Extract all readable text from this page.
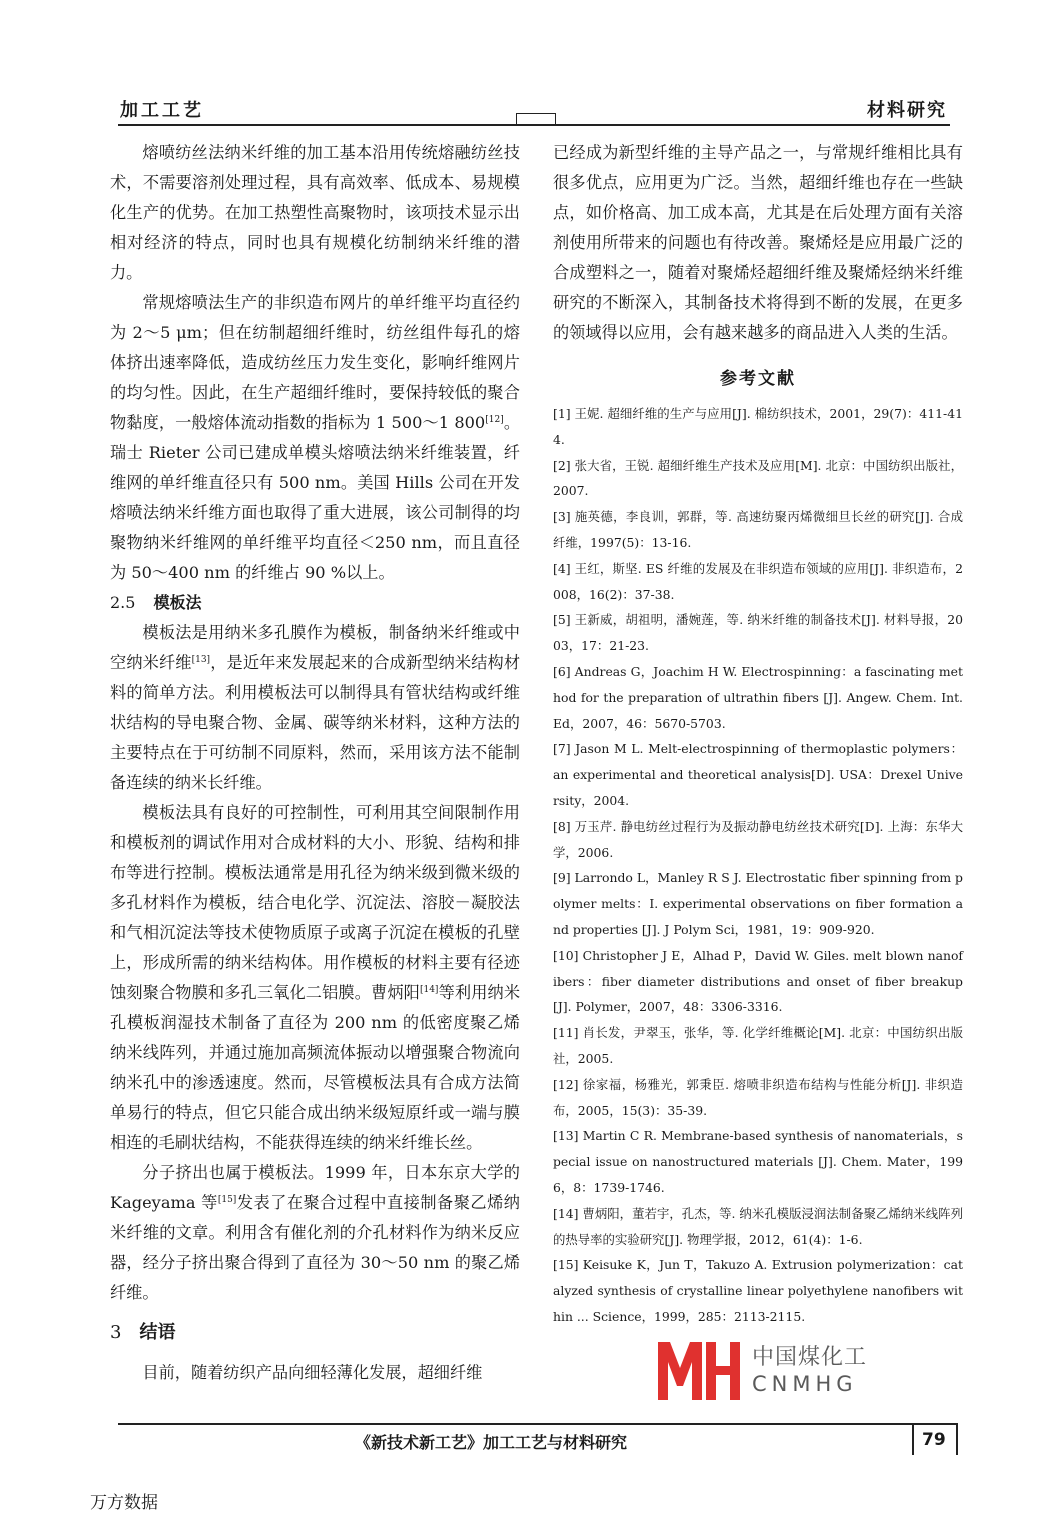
加工工艺	材料研究

熔喷纺丝法纳米纤维的加工基本沿用传统熔融纺丝技术，不需要溶剂处理过程，具有高效率、低成本、易规模化生产的优势。在加工热塑性高聚物时，该项技术显示出相对经济的特点，同时也具有规模化纺制纳米纤维的潜力。

常规熔喷法生产的非织造布网片的单纤维平均直径约为 2～5 μm；但在纺制超细纤维时，纺丝组件每孔的熔体挤出速率降低，造成纺丝压力发生变化，影响纤维网片的均匀性。因此，在生产超细纤维时，要保持较低的聚合物黏度，一般熔体流动指数的指标为 1 500～1 800[12]。瑞士 Rieter 公司已建成单模头熔喷法纳米纤维装置，纤维网的单纤维直径只有 500 nm。美国 Hills 公司在开发熔喷法纳米纤维方面也取得了重大进展，该公司制得的均聚物纳米纤维网的单纤维平均直径＜250 nm，而且直径为 50～400 nm 的纤维占 90 %以上。

2.5 模板法

模板法是用纳米多孔膜作为模板，制备纳米纤维或中空纳米纤维[13]，是近年来发展起来的合成新型纳米结构材料的简单方法。利用模板法可以制得具有管状结构或纤维状结构的导电聚合物、金属、碳等纳米材料，这种方法的主要特点在于可纺制不同原料，然而，采用该方法不能制备连续的纳米长纤维。

模板法具有良好的可控制性，可利用其空间限制作用和模板剂的调试作用对合成材料的大小、形貌、结构和排布等进行控制。模板法通常是用孔径为纳米级到微米级的多孔材料作为模板，结合电化学、沉淀法、溶胶－凝胶法和气相沉淀法等技术使物质原子或离子沉淀在模板的孔壁上，形成所需的纳米结构体。用作模板的材料主要有径迹蚀刻聚合物膜和多孔三氧化二铝膜。曹炳阳[14]等利用纳米孔模板润湿技术制备了直径为 200 nm 的低密度聚乙烯纳米线阵列，并通过施加高频流体振动以增强聚合物流向纳米孔中的渗透速度。然而，尽管模板法具有合成方法简单易行的特点，但它只能合成出纳米级短原纤或一端与膜相连的毛刷状结构，不能获得连续的纳米纤维长丝。

分子挤出也属于模板法。1999 年，日本东京大学的 Kageyama 等[15]发表了在聚合过程中直接制备聚乙烯纳米纤维的文章。利用含有催化剂的介孔材料作为纳米反应器，经分子挤出聚合得到了直径为 30～50 nm 的聚乙烯纤维。

3 结语

目前，随着纺织产品向细轻薄化发展，超细纤维

已经成为新型纤维的主导产品之一，与常规纤维相比具有很多优点，应用更为广泛。当然，超细纤维也存在一些缺点，如价格高、加工成本高，尤其是在后处理方面有关溶剂使用所带来的问题也有待改善。聚烯烃是应用最广泛的合成塑料之一，随着对聚烯烃超细纤维及聚烯烃纳米纤维研究的不断深入，其制备技术将得到不断的发展，在更多的领域得以应用，会有越来越多的商品进入人类的生活。

参考文献

[1] 王妮. 超细纤维的生产与应用[J]. 棉纺织技术，2001，29(7)：411-414.

[2] 张大省，王锐. 超细纤维生产技术及应用[M]. 北京：中国纺织出版社，2007.

[3] 施英德，李良训，郭群，等. 高速纺聚丙烯微细旦长丝的研究[J]. 合成纤维，1997(5)：13-16.

[4] 王红，斯坚. ES 纤维的发展及在非织造布领域的应用[J]. 非织造布，2008，16(2)：37-38.

[5] 王新威，胡祖明，潘婉莲，等. 纳米纤维的制备技术[J]. 材料导报，2003，17：21-23.

[6] Andreas G，Joachim H W. Electrospinning：a fascinating method for the preparation of ultrathin fibers [J]. Angew. Chem. Int. Ed，2007，46：5670-5703.

[7] Jason M L. Melt-electrospinning of thermoplastic polymers：an experimental and theoretical analysis[D]. USA：Drexel University，2004.

[8] 万玉芹. 静电纺丝过程行为及振动静电纺丝技术研究[D]. 上海：东华大学，2006.

[9] Larrondo L，Manley R S J. Electrostatic fiber spinning from polymer melts：I. experimental observations on fiber formation and properties [J]. J Polym Sci，1981，19：909-920.

[10] Christopher J E，Alhad P，David W. Giles. melt blown nanofibers：fiber diameter distributions and onset of fiber breakup [J]. Polymer，2007，48：3306-3316.

[11] 肖长发，尹翠玉，张华，等. 化学纤维概论[M]. 北京：中国纺织出版社，2005.

[12] 徐家福，杨雅光，郭秉臣. 熔喷非织造布结构与性能分析[J]. 非织造布，2005，15(3)：35-39.

[13] Martin C R. Membrane-based synthesis of nanomaterials，special issue on nanostructured materials [J]. Chem. Mater，1996，8：1739-1746.

[14] 曹炳阳，董若宇，孔杰，等. 纳米孔模版浸润法制备聚乙烯纳米线阵列的热导率的实验研究[J]. 物理学报，2012，61(4)：1-6.

[15] Keisuke K，Jun T，Takuzo A. Extrusion polymerization：catalyzed synthesis of crystalline linear polyethylene nanofibers within ... Science，1999，285：2113-2115.

中国煤化工
CNMHG
《新技术新工艺》加工工艺与材料研究	79
万方数据
